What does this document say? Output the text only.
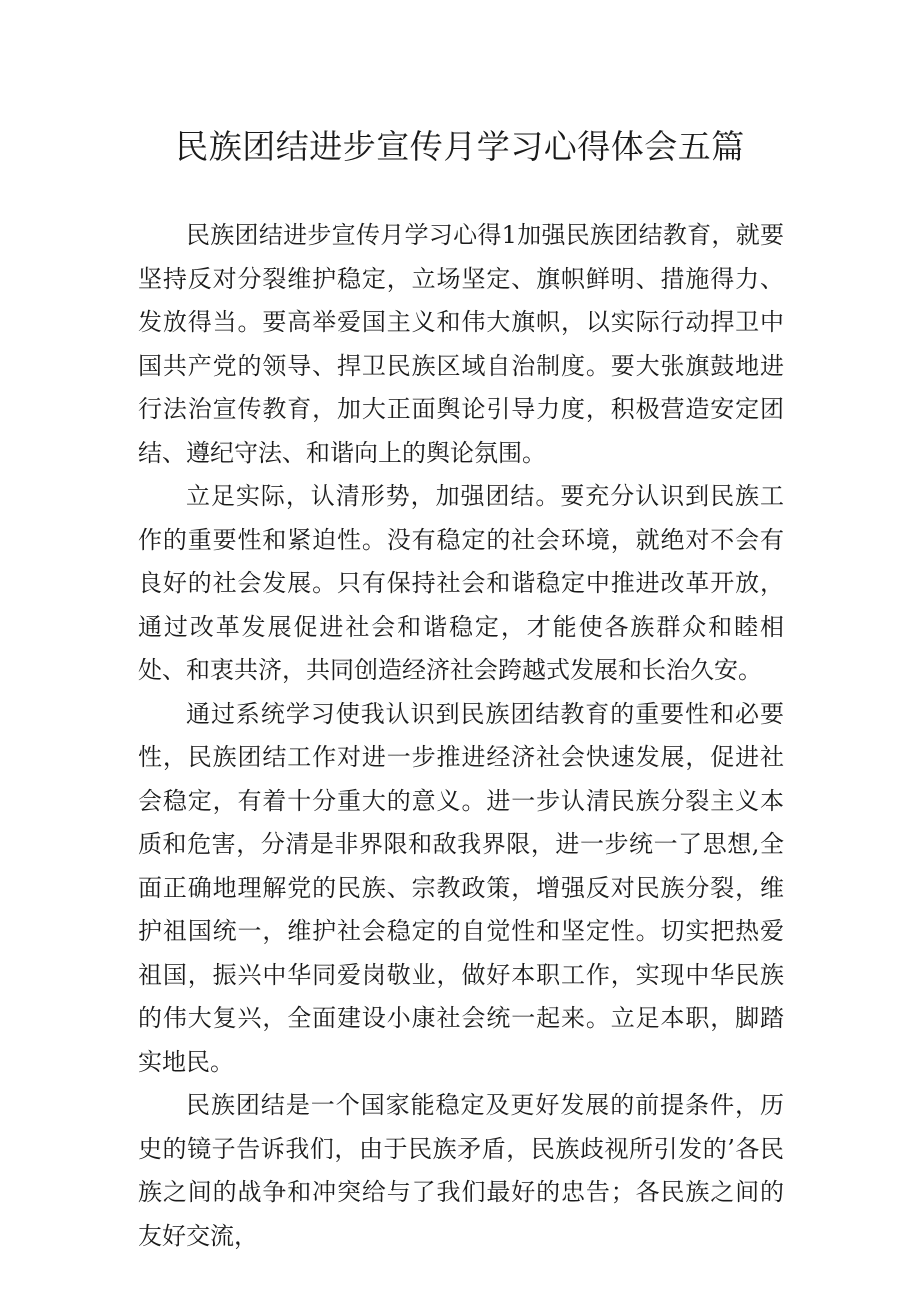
民族团结进步宣传月学习心得体会五篇

民族团结进步宣传月学习心得1加强民族团结教育，就要坚持反对分裂维护稳定，立场坚定、旗帜鲜明、措施得力、发放得当。要高举爱国主义和伟大旗帜，以实际行动捍卫中国共产党的领导、捍卫民族区域自治制度。要大张旗鼓地进行法治宣传教育，加大正面舆论引导力度，积极营造安定团结、遵纪守法、和谐向上的舆论氛围。

立足实际，认清形势，加强团结。要充分认识到民族工作的重要性和紧迫性。没有稳定的社会环境，就绝对不会有良好的社会发展。只有保持社会和谐稳定中推进改革开放，通过改革发展促进社会和谐稳定，才能使各族群众和睦相处、和衷共济，共同创造经济社会跨越式发展和长治久安。

通过系统学习使我认识到民族团结教育的重要性和必要性，民族团结工作对进一步推进经济社会快速发展，促进社会稳定，有着十分重大的意义。进一步认清民族分裂主义本质和危害，分清是非界限和敌我界限，进一步统一了思想,全面正确地理解党的民族、宗教政策，增强反对民族分裂，维护祖国统一，维护社会稳定的自觉性和坚定性。切实把热爱祖国，振兴中华同爱岗敬业，做好本职工作，实现中华民族的伟大复兴，全面建设小康社会统一起来。立足本职，脚踏实地民。

民族团结是一个国家能稳定及更好发展的前提条件，历史的镜子告诉我们，由于民族矛盾，民族歧视所引发的’各民族之间的战争和冲突给与了我们最好的忠告；各民族之间的友好交流，
